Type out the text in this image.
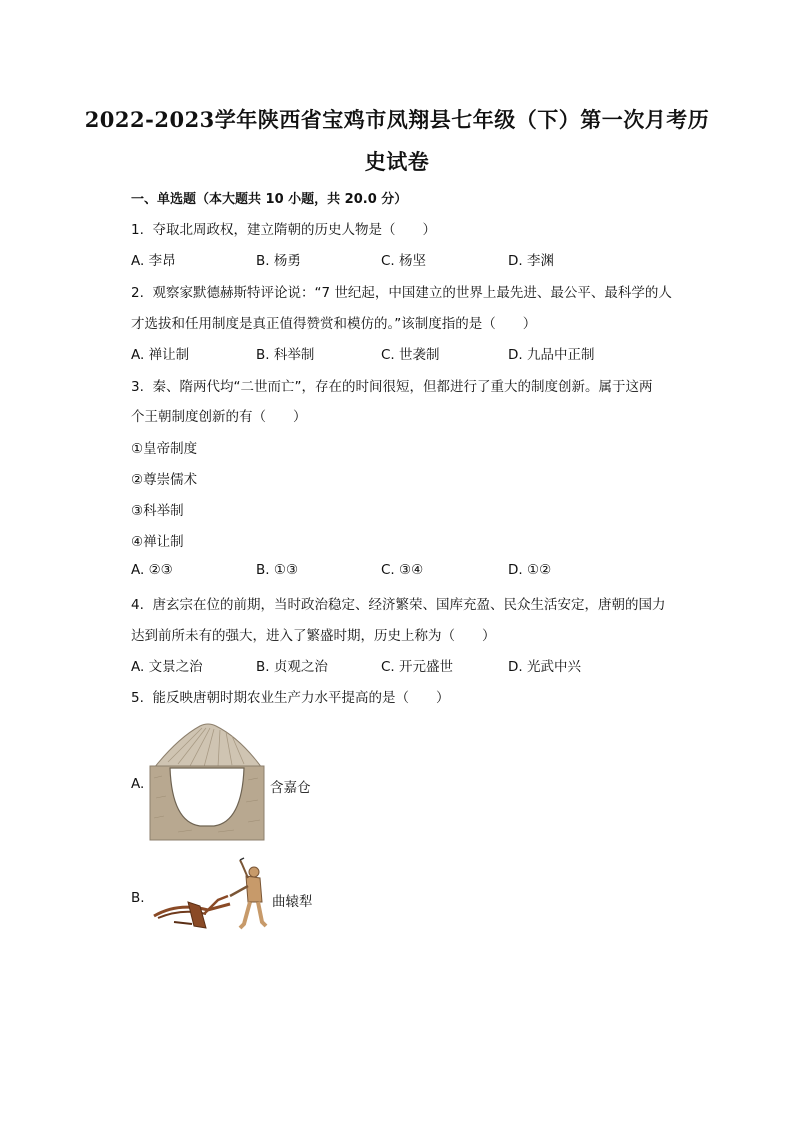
2022-2023学年陕西省宝鸡市凤翔县七年级（下）第一次月考历
史试卷
一、单选题（本大题共 10 小题，共 20.0 分）
1.  夺取北周政权，建立隋朝的历史人物是（　　）
A. 李昂	B. 杨勇	C. 杨坚	D. 李渊
2.  观察家默德赫斯特评论说：“7 世纪起，中国建立的世界上最先进、最公平、最科学的人
才选拔和任用制度是真正值得赞赏和模仿的。”该制度指的是（　　）
A. 禅让制	B. 科举制	C. 世袭制	D. 九品中正制
3.  秦、隋两代均“二世而亡”，存在的时间很短，但都进行了重大的制度创新。属于这两
个王朝制度创新的有（　　）
①皇帝制度
②尊崇儒术
③科举制
④禅让制
A. ②③	B. ①③	C. ③④	D. ①②
4.  唐玄宗在位的前期，当时政治稳定、经济繁荣、国库充盈、民众生活安定，唐朝的国力
达到前所未有的强大，进入了繁盛时期，历史上称为（　　）
A. 文景之治	B. 贞观之治	C. 开元盛世	D. 光武中兴
5.  能反映唐朝时期农业生产力水平提高的是（　　）
A.	含嘉仓
B.	曲辕犁
